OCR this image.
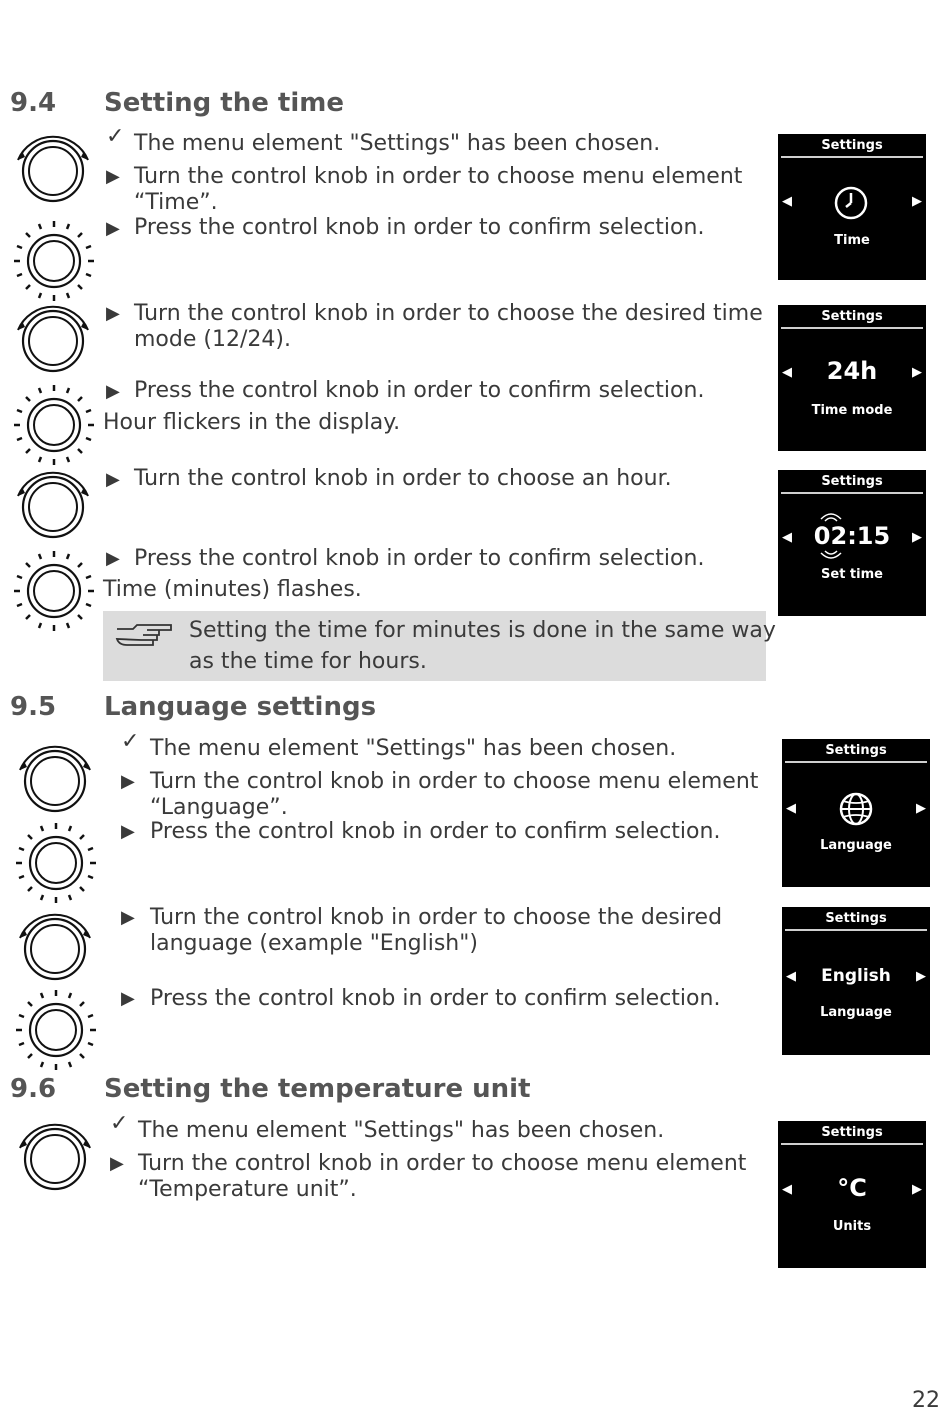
9.4 Setting the time
✓ The menu element "Settings" has been chosen.
▶ Turn the control knob in order to choose menu element
“Time”.
▶ Press the control knob in order to confirm selection.
▶ Turn the control knob in order to choose the desired time
mode (12/24).
▶ Press the control knob in order to confirm selection.
Hour flickers in the display.
▶ Turn the control knob in order to choose an hour.
▶ Press the control knob in order to confirm selection.
Time (minutes) flashes.
Setting the time for minutes is done in the same way
as the time for hours.
Settings
◀	▶
Time
Settings
◀	▶
24h
Time mode
Settings
◀	▶
02:15
Set time
9.5 Language settings
✓ The menu element "Settings" has been chosen.
▶ Turn the control knob in order to choose menu element
“Language”.
▶ Press the control knob in order to confirm selection.
▶ Turn the control knob in order to choose the desired
language (example "English")
▶ Press the control knob in order to confirm selection.
Settings
◀	▶
Language
Settings
◀	▶
English
Language
9.6 Setting the temperature unit
✓ The menu element "Settings" has been chosen.
▶ Turn the control knob in order to choose menu element
“Temperature unit”.
Settings
◀	▶
°C
Units
22
